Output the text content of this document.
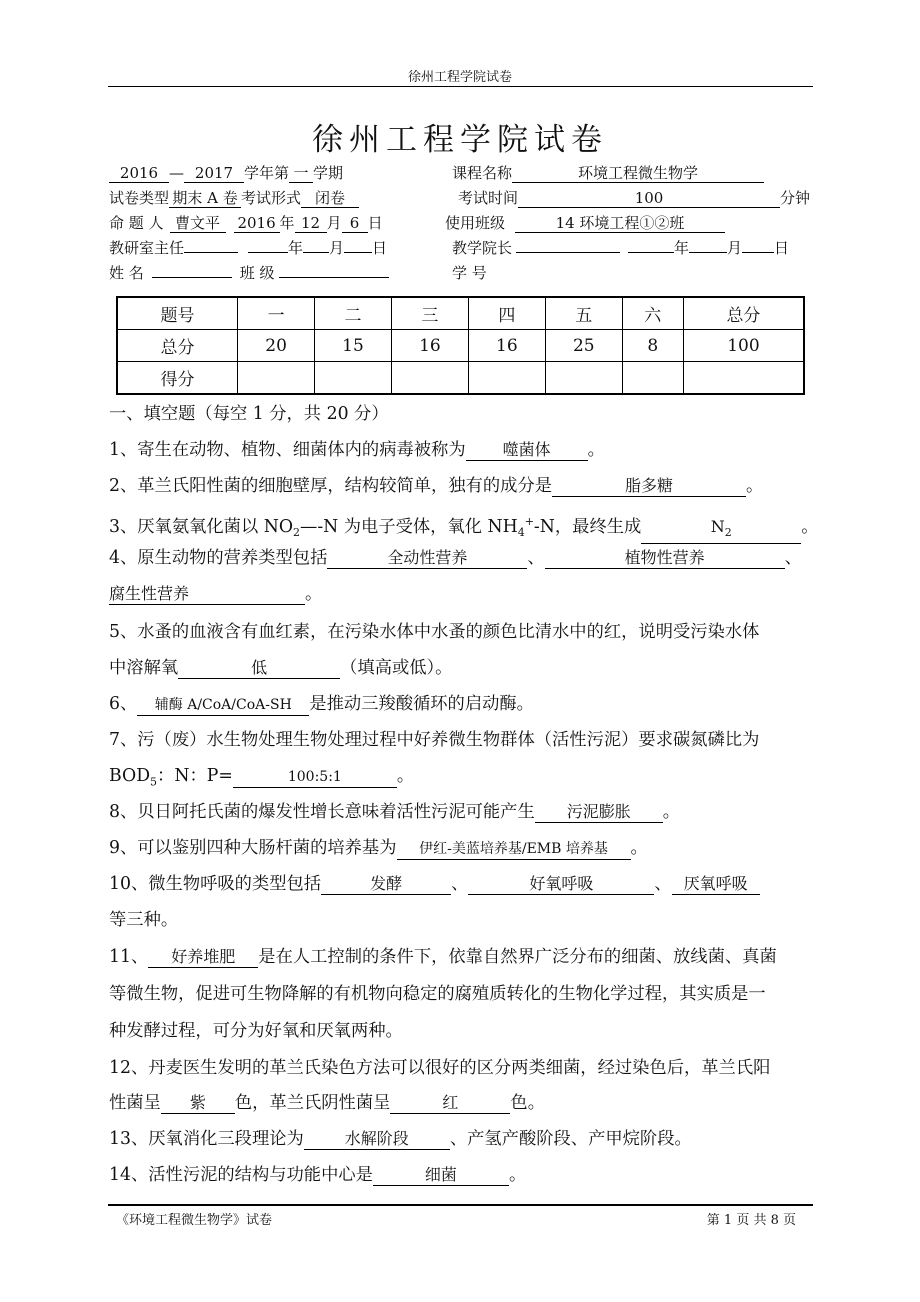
徐州工程学院试卷
徐州工程学院试卷
2016 — 2017 学年第 一 学期	课程名称	环境工程微生物学
试卷类型 期末 A 卷 考试形式 闭卷	考试时间	100	分钟
命 题 人 曹文平 2016 年 12 月 6 日	使用班级	14 环境工程①②班
教研室主任	年 月 日	教学院长	年	月 日
姓 名	班 级	学 号
题号	一	二	三	四	五	六	总分
总分	20	15	16	16	25	8	100
得分							
一、填空题（每空 1 分，共 20 分）
1、寄生在动物、植物、细菌体内的病毒被称为 噬菌体 。
2、革兰氏阳性菌的细胞壁厚，结构较简单，独有的成分是	脂多糖	。
3、厌氧氨氧化菌以 $NO_2—-N$ 为电子受体，氧化 $NH_4^+-N$，最终生成	$N_2$	。
4、原生动物的营养类型包括	全动性营养	、	植物性营养	、
腐生性营养	。
5、水蚤的血液含有血红素，在污染水体中水蚤的颜色比清水中的红，说明受污染水体
中溶解氧	低	（填高或低）。
6、 辅酶 A/CoA/CoA-SH 是推动三羧酸循环的启动酶。
7、污（废）水生物处理生物处理过程中好养微生物群体（活性污泥）要求碳氮磷比为
$BOD_5$：N：P=	100:5:1	。
8、贝日阿托氏菌的爆发性增长意味着活性污泥可能产生 污泥膨胀 。
9、可以鉴别四种大肠杆菌的培养基为 伊红-美蓝培养基/EMB 培养基 。
10、微生物呼吸的类型包括	发酵	、	好氧呼吸	、 厌氧呼吸
等三种。
11、 好养堆肥 是在人工控制的条件下，依靠自然界广泛分布的细菌、放线菌、真菌
等微生物，促进可生物降解的有机物向稳定的腐殖质转化的生物化学过程，其实质是一
种发酵过程，可分为好氧和厌氧两种。
12、丹麦医生发明的革兰氏染色方法可以很好的区分两类细菌，经过染色后，革兰氏阳
性菌呈 紫 色，革兰氏阴性菌呈	红	色。
13、厌氧消化三段理论为	水解阶段 、产氢产酸阶段、产甲烷阶段。
14、活性污泥的结构与功能中心是	细菌	。
《环境工程微生物学》试卷	第 1 页 共 8 页
